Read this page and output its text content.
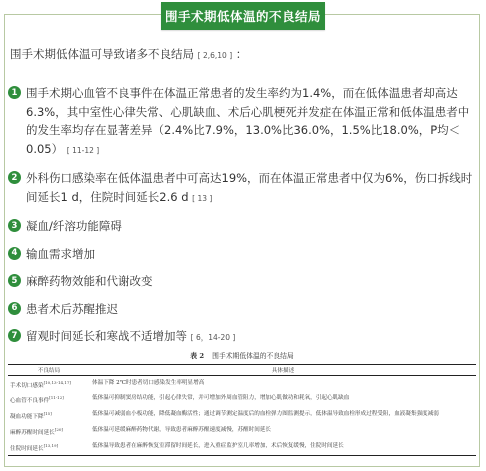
围手术期低体温的不良结局
围手术期低体温可导致诸多不良结局 [ 2,6,10 ] ：
1 围手术期心血管不良事件在体温正常患者的发生率约为1.4%，而在低体温患者却高达6.3%，其中室性心律失常、心肌缺血、术后心肌梗死并发症在体温正常和低体温患者中的发生率均存在显著差异（2.4%比7.9%，13.0%比36.0%，1.5%比18.0%，P均＜0.05） [ 11-12 ]
2 外科伤口感染率在低体温患者中可高达19%，而在体温正常患者中仅为6%，伤口拆线时间延长1 d，住院时间延长2.6 d [ 13 ]
3 凝血/纤溶功能障碍
4 输血需求增加
5 麻醉药物效能和代谢改变
6 患者术后苏醒推迟
7 留观时间延长和寒战不适增加等 [ 6，14-20 ]
表 2 围手术期低体温的不良结局
不良结局	具体描述
手术切口感染[10,13-14,17]	体温下降 2℃时患者切口感染发生率明显增高
心血管不良事件[11-12]	低体温可抑制窦房结功能，引起心律失常，并可增加外周血管阻力，增加心肌做功和耗氧，引起心肌缺血
凝血功能下降[15]	低体温可减弱血小板功能，降低凝血酶活性；通过调节测定温度后的血栓弹力图监测提示，低体温导致血栓形成过程受阻，血液凝集强度减弱
麻醉苏醒时间延长[20]	低体温可延缓麻醉药物代谢，导致患者麻醉苏醒速度减慢，苏醒时间延长
住院时间延长[13,19]	低体温导致患者在麻醉恢复室滞留时间延长，进入重症监护室几率增加，术后恢复缓慢，住院时间延长
